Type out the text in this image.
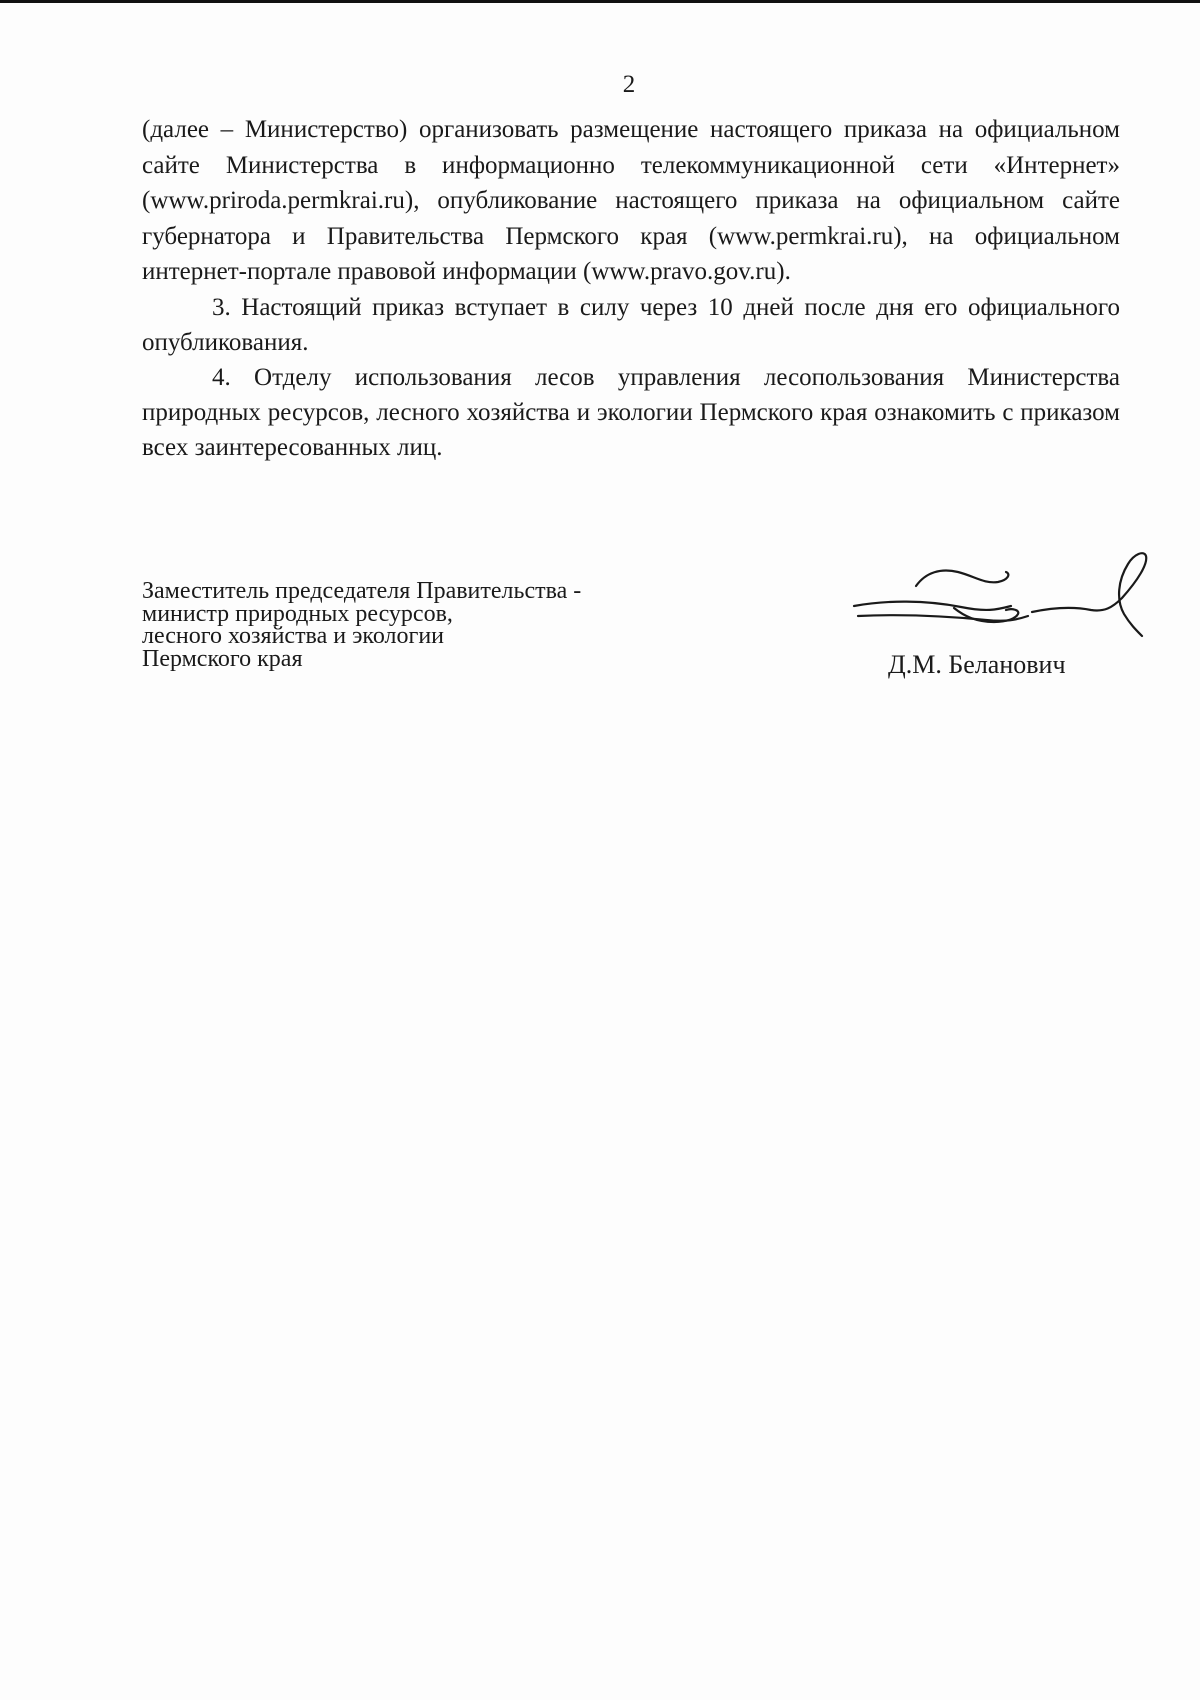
2

(далее – Министерство) организовать размещение настоящего приказа на официальном сайте Министерства в информационно телекоммуникационной сети «Интернет» (www.priroda.permkrai.ru), опубликование настоящего приказа на официальном сайте губернатора и Правительства Пермского края (www.permkrai.ru), на официальном интернет-портале правовой информации (www.pravo.gov.ru).

3. Настоящий приказ вступает в силу через 10 дней после дня его официального опубликования.

4. Отделу использования лесов управления лесопользования Министерства природных ресурсов, лесного хозяйства и экологии Пермского края ознакомить с приказом всех заинтересованных лиц.

Заместитель председателя Правительства -
министр природных ресурсов,
лесного хозяйства и экологии
Пермского края	Д.М. Беланович
